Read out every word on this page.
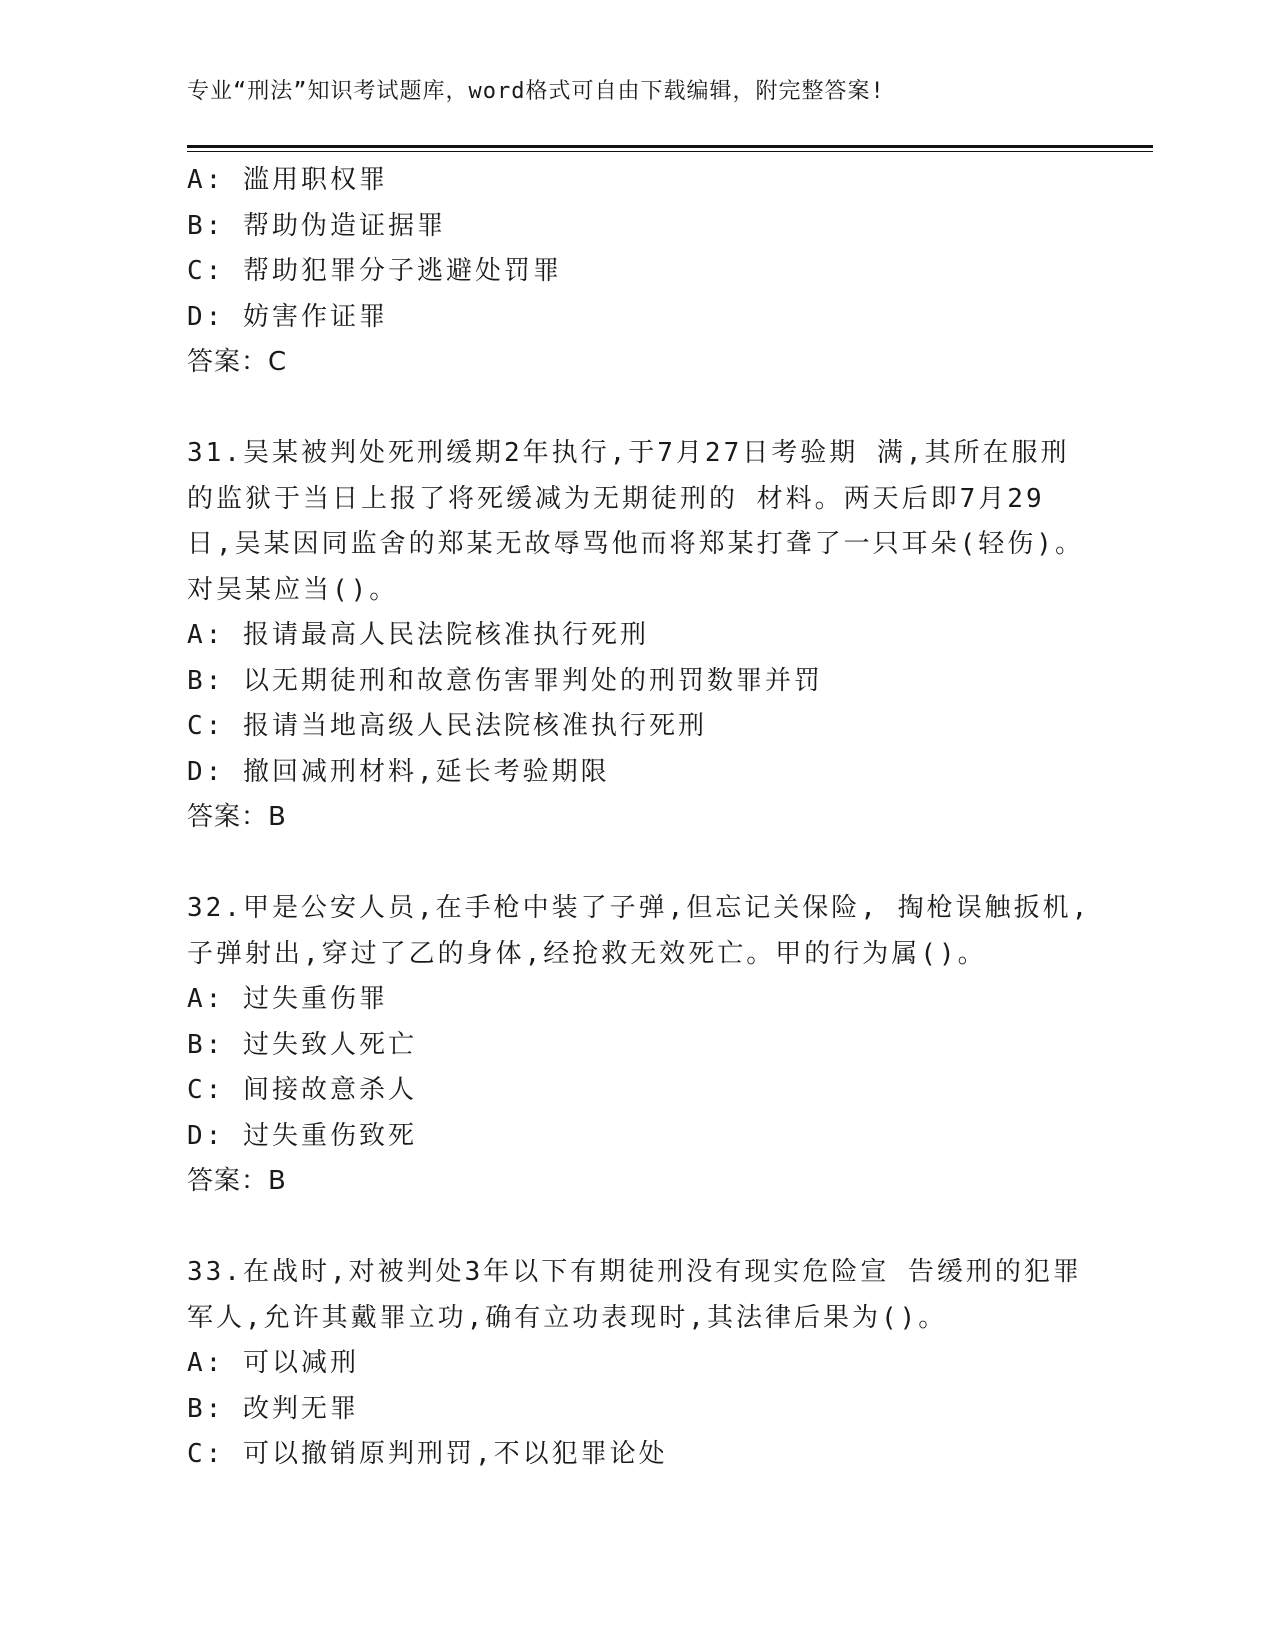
专业“刑法”知识考试题库，word格式可自由下载编辑，附完整答案!
A: 滥用职权罪
B: 帮助伪造证据罪
C: 帮助犯罪分子逃避处罚罪
D: 妨害作证罪
答案：C
31.吴某被判处死刑缓期2年执行,于7月27日考验期 满,其所在服刑
的监狱于当日上报了将死缓减为无期徒刑的 材料。两天后即7月29
日,吴某因同监舍的郑某无故辱骂他而将郑某打聋了一只耳朵(轻伤)。
对吴某应当()。
A: 报请最高人民法院核准执行死刑
B: 以无期徒刑和故意伤害罪判处的刑罚数罪并罚
C: 报请当地高级人民法院核准执行死刑
D: 撤回减刑材料,延长考验期限
答案：B
32.甲是公安人员,在手枪中装了子弹,但忘记关保险, 掏枪误触扳机,
子弹射出,穿过了乙的身体,经抢救无效死亡。甲的行为属()。
A: 过失重伤罪
B: 过失致人死亡
C: 间接故意杀人
D: 过失重伤致死
答案：B
33.在战时,对被判处3年以下有期徒刑没有现实危险宣 告缓刑的犯罪
军人,允许其戴罪立功,确有立功表现时,其法律后果为()。
A: 可以减刑
B: 改判无罪
C: 可以撤销原判刑罚,不以犯罪论处
